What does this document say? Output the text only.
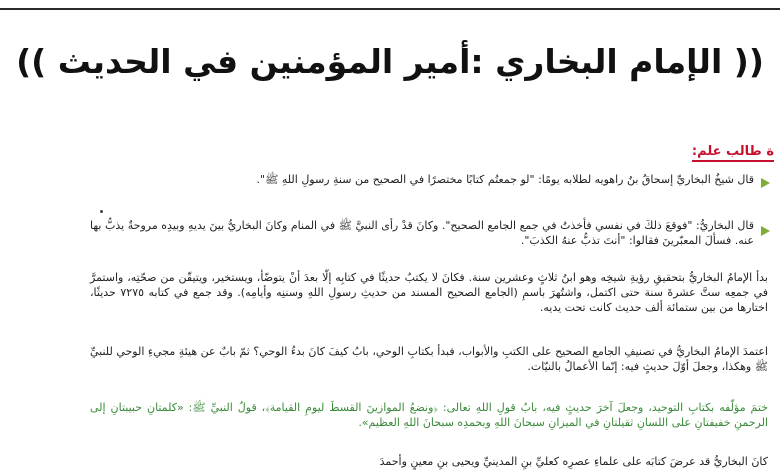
(( الإمام البخاري :أمير المؤمنين في الحديث ))
ة طالب علم:
قال شيخُ البخاريِّ إسحاقُ بنُ راهويه لطلابه يومًا: "لو جمعتُم كتابًا مختصرًا في الصحيح من سنةِ رسولِ اللهِ ﷺ".
قال البخاريُّ: "فوقعَ ذلكَ في نفسي فأخذتُ في جمع الجامع الصحيح". وكانَ قدْ رأى النبيَّ ﷺ في المنام وكانَ البخاريُّ بينَ يديهِ وبيدِه مروحةٌ يذبُّ بها عنه. فسألَ المعبّرينَ فقالوا: "أنتَ تذبُّ عنهُ الكذبَ".
بدأ الإمامُ البخاريُّ بتحقيقِ رؤيةِ شيخِه وهو ابنُ ثلاثٍ وعشرين سنة. فكانَ لا يكتبُ حديثًا في كتابِه إلّا بعدَ أنْ يتوضّأ، ويستخير، ويتيقّن من صحّتِه، واستمرَّ في جمعِه ستَّ عشرةَ سنة حتى اكتمل، واشتُهرَ باسمِ (الجامع الصحيح المسند من حديثِ رسولِ اللهِ وسننِه وأيامِه). وقد جمع في كتابه ٧٢٧٥ حديثًا، اختارها من بين ستمائة ألف حديث كانت تحت يديه.
اعتمدَ الإمامُ البخاريُّ في تصنيفِ الجامع الصحيح على الكتبِ والأبواب، فبدأ بكتابِ الوحي، بابُ كيفَ كانَ بدءُ الوحي؟ ثمّ بابٌ عن هيئةِ مجيءِ الوحي للنبيِّ ﷺ وهكذا، وجعلَ أوّلَ حديثٍ فيه: إنّما الأعمالُ بالنيّات.
ختمَ مؤلّفه بكتابِ التوحيد، وجعلَ آخرَ حديثٍ فيه، بابُ قولِ اللهِ تعالى: ﴿ونضعُ الموازينَ القسطَ ليومِ القيامة﴾، قولُ النبيِّ ﷺ: «كلمتانِ حبيبتانِ إلى الرحمنِ خفيفتانِ على اللسانِ ثقيلتانِ في الميزانِ سبحانَ اللهِ وبحمدِه سبحانَ اللهِ العظيم».
كانَ البخاريُّ قد عرضَ كتابَه على علماءِ عصرِه كعليِّ بنِ المدينيِّ ويحيى بنِ معينٍ وأحمدَ
